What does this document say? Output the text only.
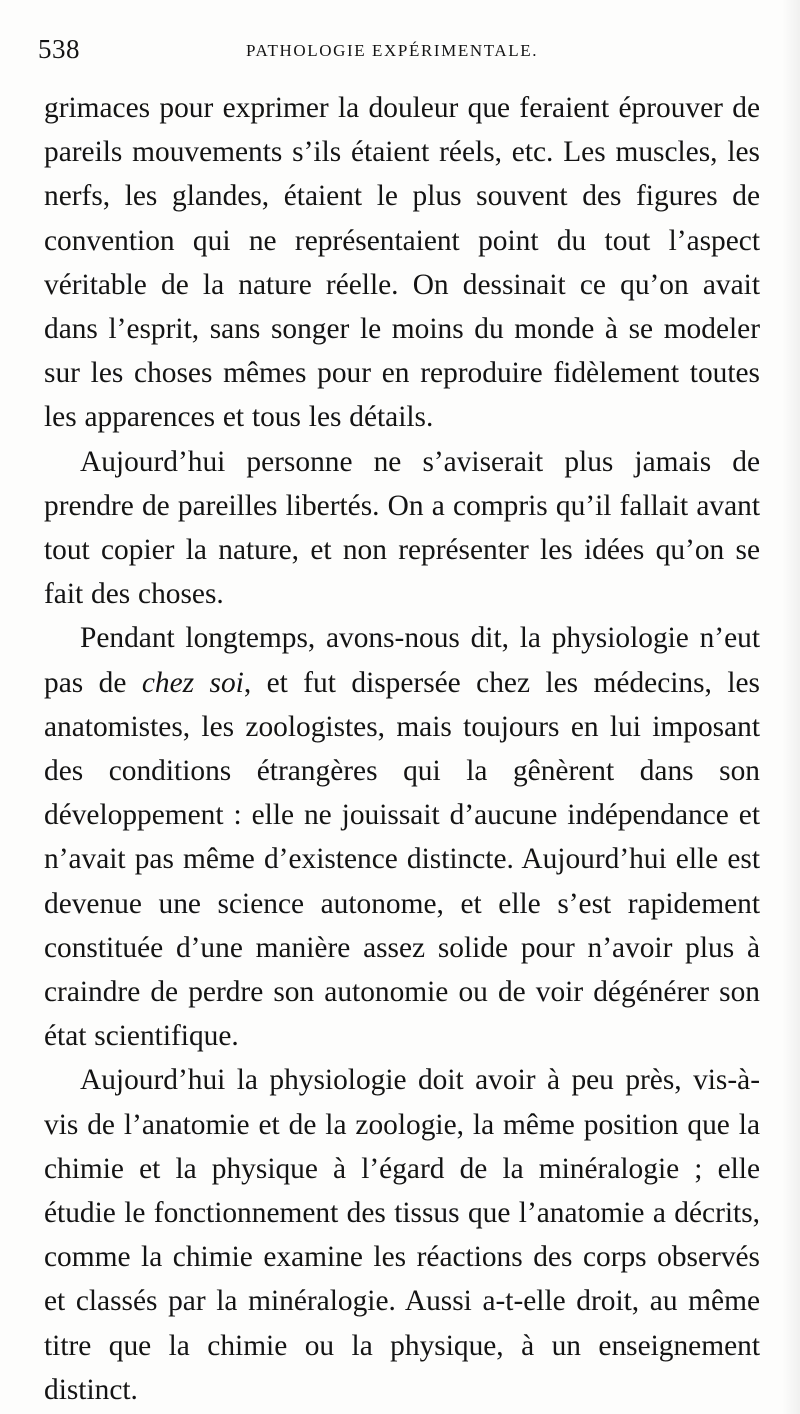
538	PATHOLOGIE EXPÉRIMENTALE.

grimaces pour exprimer la douleur que feraient éprouver de pareils mouvements s’ils étaient réels, etc. Les muscles, les nerfs, les glandes, étaient le plus souvent des figures de convention qui ne représentaient point du tout l’aspect véritable de la nature réelle. On dessinait ce qu’on avait dans l’esprit, sans songer le moins du monde à se modeler sur les choses mêmes pour en reproduire fidèlement toutes les apparences et tous les détails.

Aujourd’hui personne ne s’aviserait plus jamais de prendre de pareilles libertés. On a compris qu’il fallait avant tout copier la nature, et non représenter les idées qu’on se fait des choses.

Pendant longtemps, avons-nous dit, la physiologie n’eut pas de chez soi, et fut dispersée chez les médecins, les anatomistes, les zoologistes, mais toujours en lui imposant des conditions étrangères qui la gênèrent dans son développement : elle ne jouissait d’aucune indépendance et n’avait pas même d’existence distincte. Aujourd’hui elle est devenue une science autonome, et elle s’est rapidement constituée d’une manière assez solide pour n’avoir plus à craindre de perdre son autonomie ou de voir dégénérer son état scientifique.

Aujourd’hui la physiologie doit avoir à peu près, vis-à-vis de l’anatomie et de la zoologie, la même position que la chimie et la physique à l’égard de la minéralogie ; elle étudie le fonctionnement des tissus que l’anatomie a décrits, comme la chimie examine les réactions des corps observés et classés par la minéralogie. Aussi a-t-elle droit, au même titre que la chimie ou la physique, à un enseignement distinct.
